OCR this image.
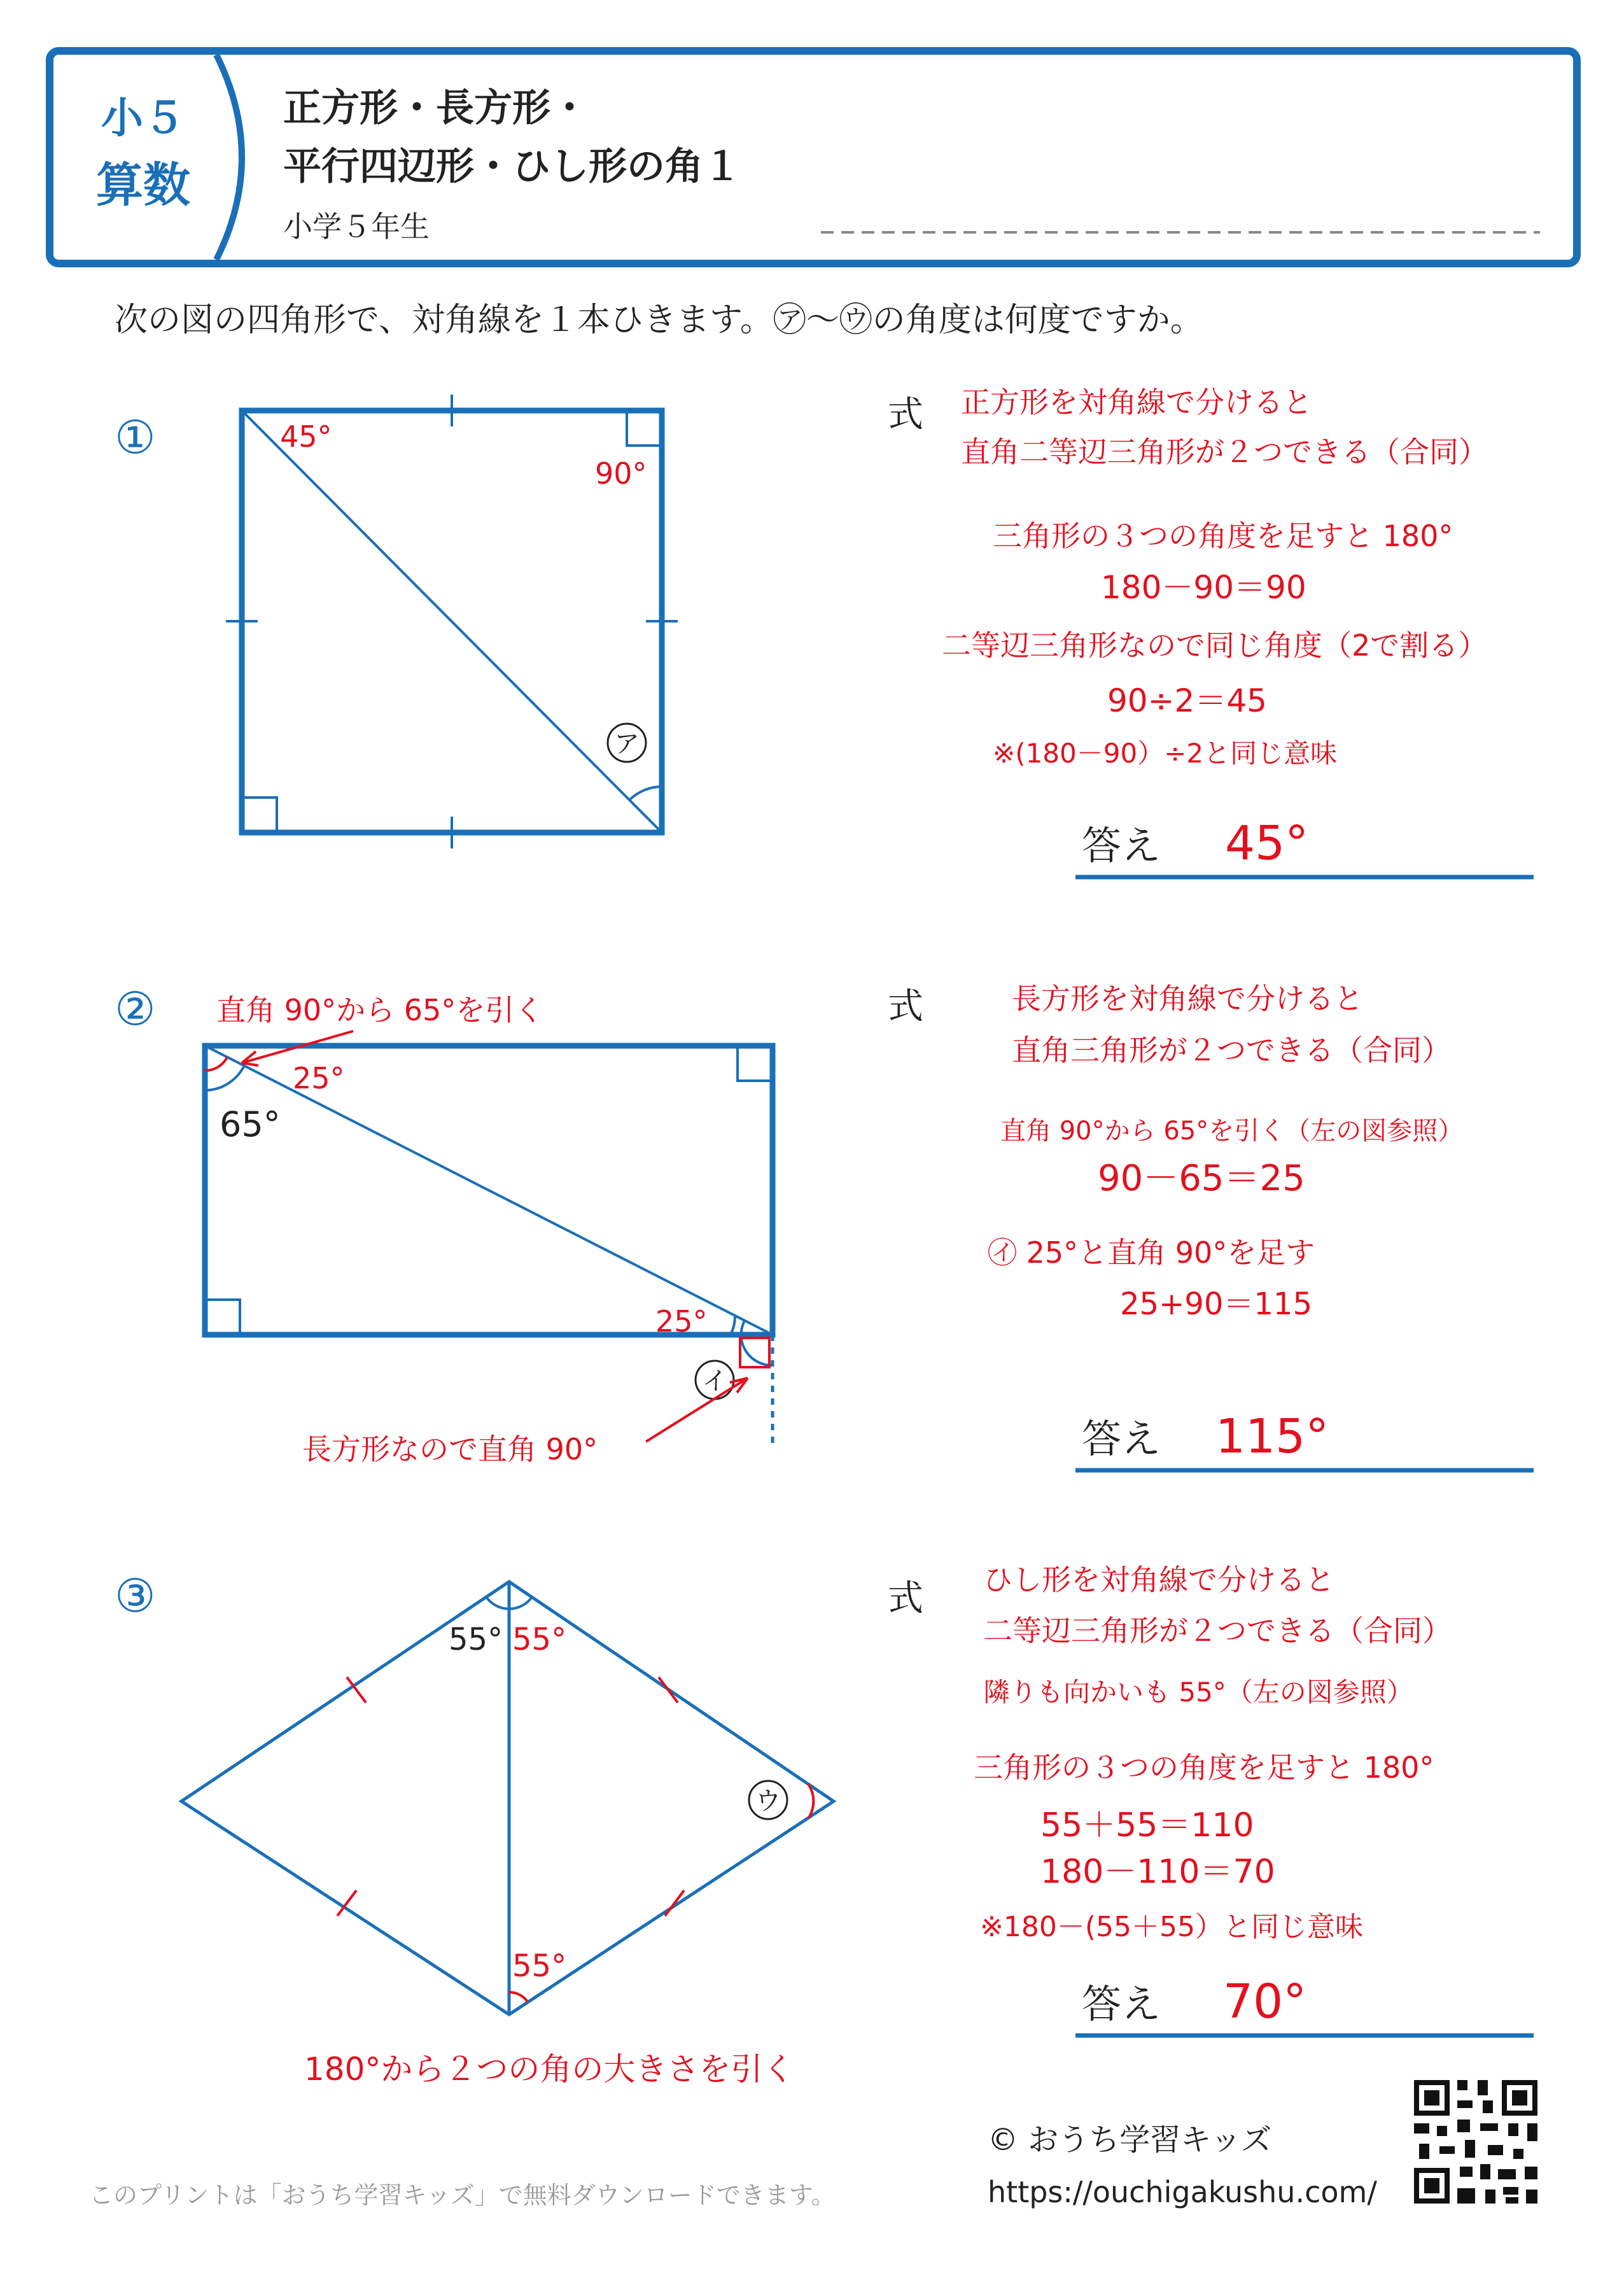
小５
算数
正方形・長方形・
平行四辺形・ひし形の角１
小学５年生
次の図の四角形で、対角線を１本ひきます。㋐～㋒の角度は何度ですか。
①
ア
45°
90°
式 正方形を対角線で分けると
直角二等辺三角形が２つできる（合同）
三角形の３つの角度を足すと 180°
180－90＝90
二等辺三角形なので同じ角度（2で割る）
90÷2＝45
※(180－90）÷2と同じ意味
答え 45°
② 直角 90°から 65°を引く
イ
25°
65°
25°
長方形なので直角 90°
式	長方形を対角線で分けると
直角三角形が２つできる（合同）
直角 90°から 65°を引く（左の図参照）
90－65＝25
㋑ 25°と直角 90°を足す
25+90＝115
答え 115°
③
ウ
55° 55°
55°
180°から２つの角の大きさを引く
式 ひし形を対角線で分けると
二等辺三角形が２つできる（合同）
隣りも向かいも 55°（左の図参照）
三角形の３つの角度を足すと 180°
55＋55＝110
180－110＝70
※180－(55＋55）と同じ意味
答え 70°
© おうち学習キッズ
https://ouchigakushu.com/
このプリントは「おうち学習キッズ」で無料ダウンロードできます。
